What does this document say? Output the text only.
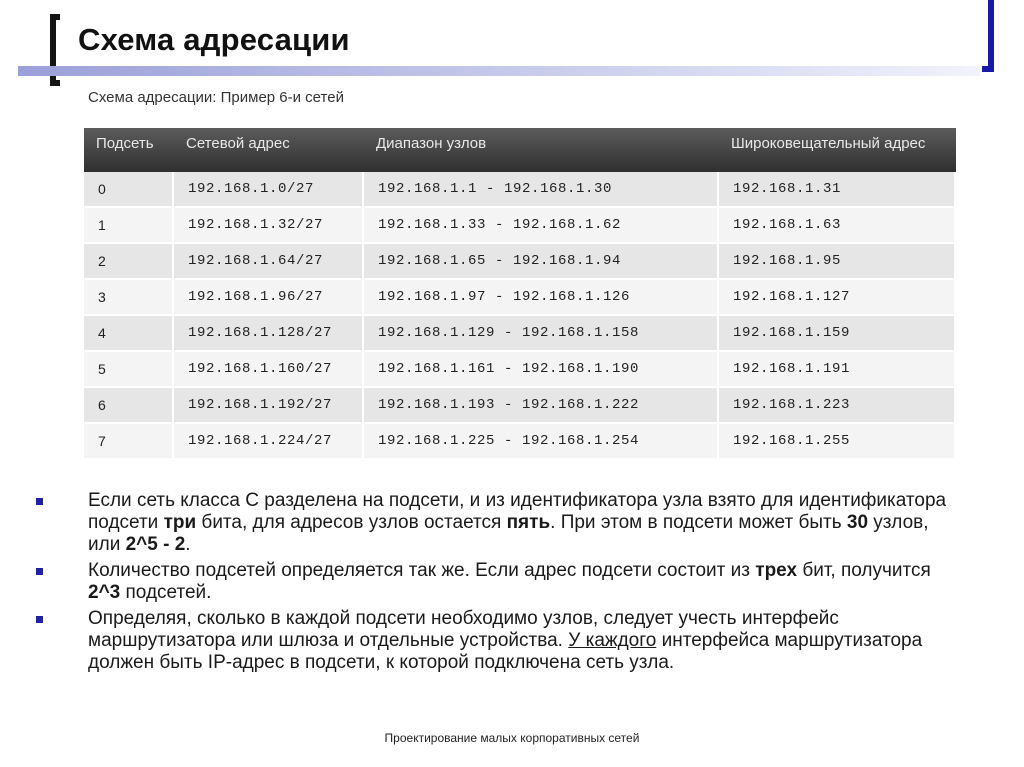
Схема адресации
Схема адресации: Пример 6-и сетей
Подсеть	Сетевой адрес	Диапазон узлов	Широковещательный адрес
0	192.168.1.0/27	192.168.1.1 - 192.168.1.30	192.168.1.31
1	192.168.1.32/27	192.168.1.33 - 192.168.1.62	192.168.1.63
2	192.168.1.64/27	192.168.1.65 - 192.168.1.94	192.168.1.95
3	192.168.1.96/27	192.168.1.97 - 192.168.1.126	192.168.1.127
4	192.168.1.128/27	192.168.1.129 - 192.168.1.158	192.168.1.159
5	192.168.1.160/27	192.168.1.161 - 192.168.1.190	192.168.1.191
6	192.168.1.192/27	192.168.1.193 - 192.168.1.222	192.168.1.223
7	192.168.1.224/27	192.168.1.225 - 192.168.1.254	192.168.1.255
Если сеть класса С разделена на подсети, и из идентификатора узла взято для идентификатора подсети три бита, для адресов узлов остается пять. При этом в подсети может быть 30 узлов, или 2^5 - 2.
Количество подсетей определяется так же. Если адрес подсети состоит из трех бит, получится 2^3 подсетей.
Определяя, сколько в каждой подсети необходимо узлов, следует учесть интерфейс маршрутизатора или шлюза и отдельные устройства. У каждого интерфейса маршрутизатора должен быть IP-адрес в подсети, к которой подключена сеть узла.
Проектирование малых корпоративных сетей
